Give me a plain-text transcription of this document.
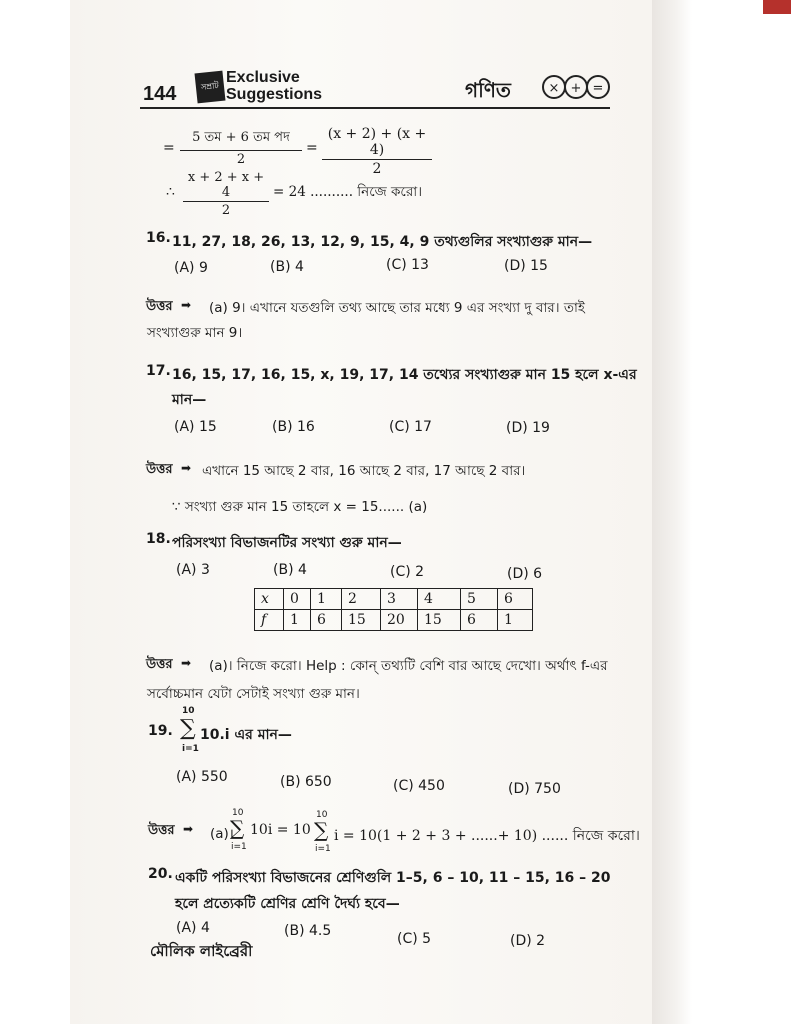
144	সম্রাট
Exclusive
Suggestions	গণিত	× + =
=
5 তম + 6 তম পদ
2
=
(x + 2) + (x + 4)
2
∴
x + 2 + x + 4
2
= 24 .......... নিজে করো।
16. 11, 27, 18, 26, 13, 12, 9, 15, 4, 9 তথ্যগুলির সংখ্যাগুরু মান—
(A) 9	(B) 4	(C) 13	(D) 15
উত্তর ➡ (a) 9। এখানে যতগুলি তথ্য আছে তার মধ্যে 9 এর সংখ্যা দু বার। তাই
সংখ্যাগুরু মান 9।
17. 16, 15, 17, 16, 15, x, 19, 17, 14 তথ্যের সংখ্যাগুরু মান 15 হলে x-এর
মান—
(A) 15	(B) 16	(C) 17	(D) 19
উত্তর ➡ এখানে 15 আছে 2 বার, 16 আছে 2 বার, 17 আছে 2 বার।
∵ সংখ্যা গুরু মান 15 তাহলে x = 15...... (a)
18. পরিসংখ্যা বিভাজনটির সংখ্যা গুরু মান—
(A) 3	(B) 4	(C) 2	(D) 6
x	0	1	2	3	4	5	6
f	1	6	15	20	15	6	1
উত্তর ➡ (a)। নিজে করো। Help : কোন্ তথ্যটি বেশি বার আছে দেখো। অর্থাৎ f-এর
সর্বোচ্চমান যেটা সেটাই সংখ্যা গুরু মান।
19.
10
∑
i=1
10.i এর মান—
(A) 550	(B) 650	(C) 450	(D) 750
উত্তর ➡ (a)।
10
∑
i=1
10i = 10
10
∑
i=1
i = 10(1 + 2 + 3 + ......+ 10) ...... নিজে করো।
20. একটি পরিসংখ্যা বিভাজনের শ্রেণিগুলি 1–5, 6 – 10, 11 – 15, 16 – 20
হলে প্রত্যেকটি শ্রেণির শ্রেণি দৈর্ঘ্য হবে—
(A) 4	(B) 4.5	(C) 5	(D) 2
মৌলিক লাইব্রেরী
